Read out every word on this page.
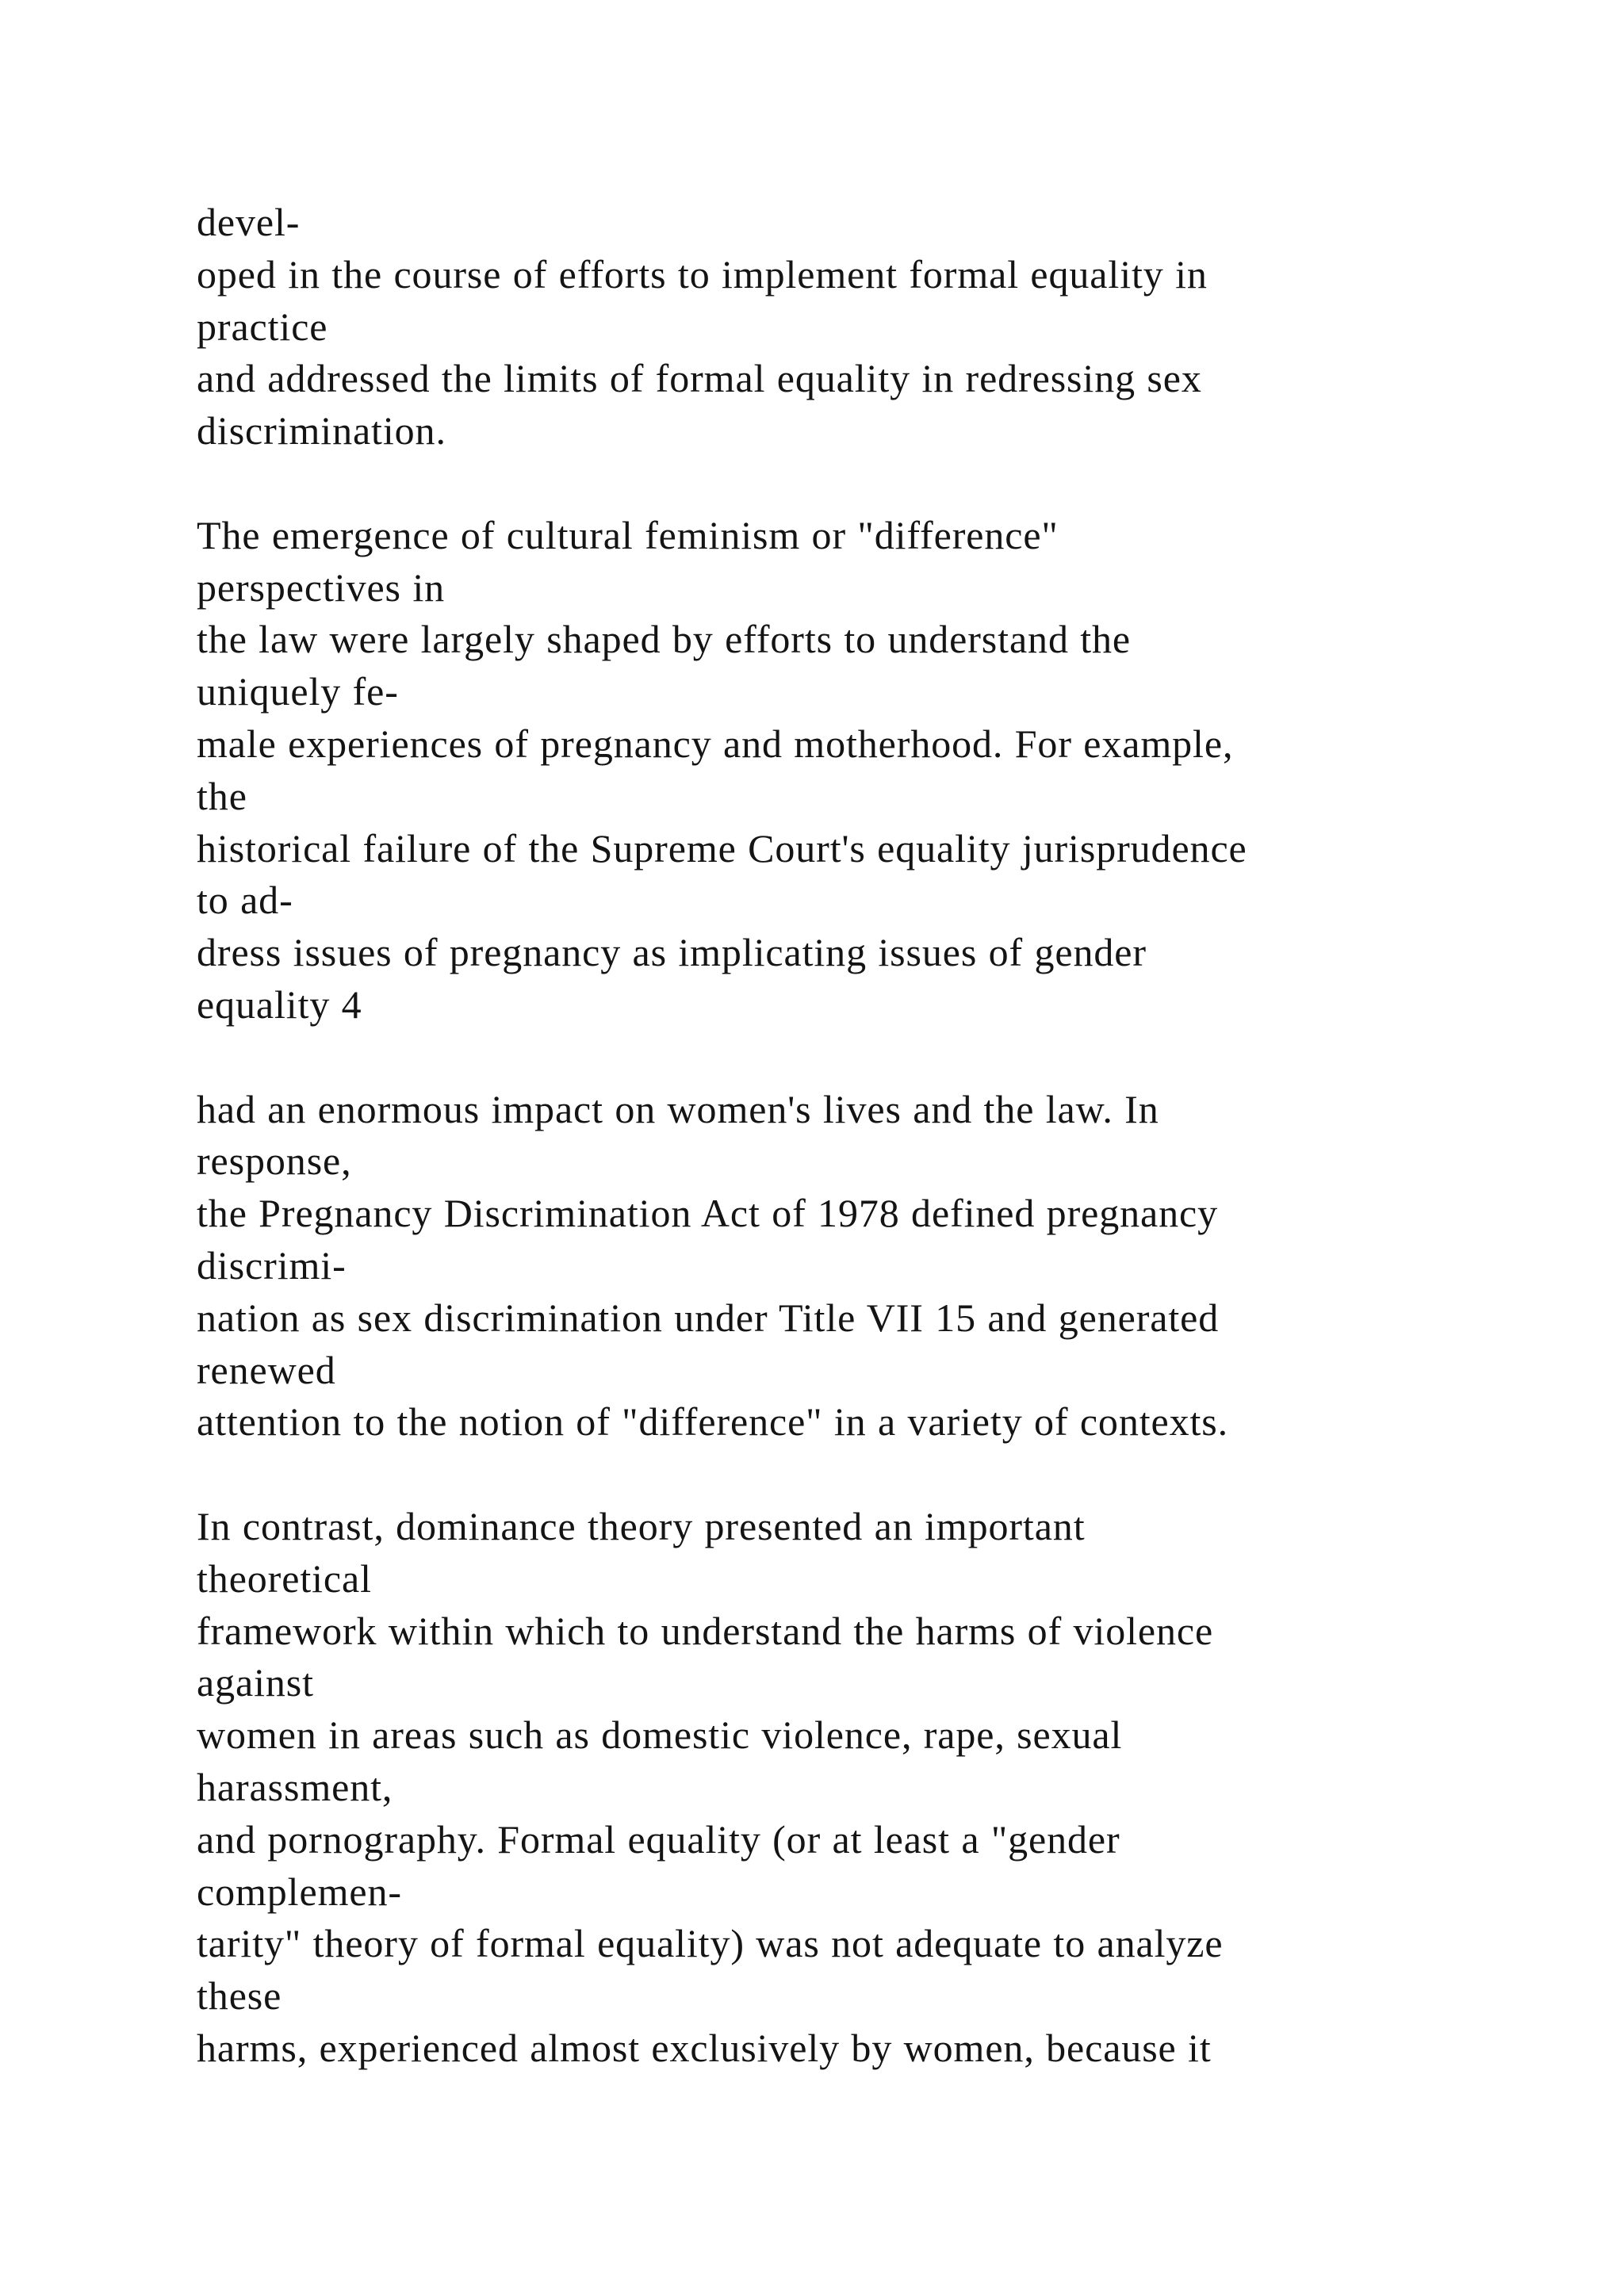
devel-
oped in the course of efforts to implement formal equality in
practice
and addressed the limits of formal equality in redressing sex
discrimination.
The emergence of cultural feminism or "difference"
perspectives in
the law were largely shaped by efforts to understand the
uniquely fe-
male experiences of pregnancy and motherhood. For example,
the
historical failure of the Supreme Court's equality jurisprudence
to ad-
dress issues of pregnancy as implicating issues of gender
equality 4
had an enormous impact on women's lives and the law. In
response,
the Pregnancy Discrimination Act of 1978 defined pregnancy
discrimi-
nation as sex discrimination under Title VII 15 and generated
renewed
attention to the notion of "difference" in a variety of contexts.
In contrast, dominance theory presented an important
theoretical
framework within which to understand the harms of violence
against
women in areas such as domestic violence, rape, sexual
harassment,
and pornography. Formal equality (or at least a "gender
complemen-
tarity" theory of formal equality) was not adequate to analyze
these
harms, experienced almost exclusively by women, because it
